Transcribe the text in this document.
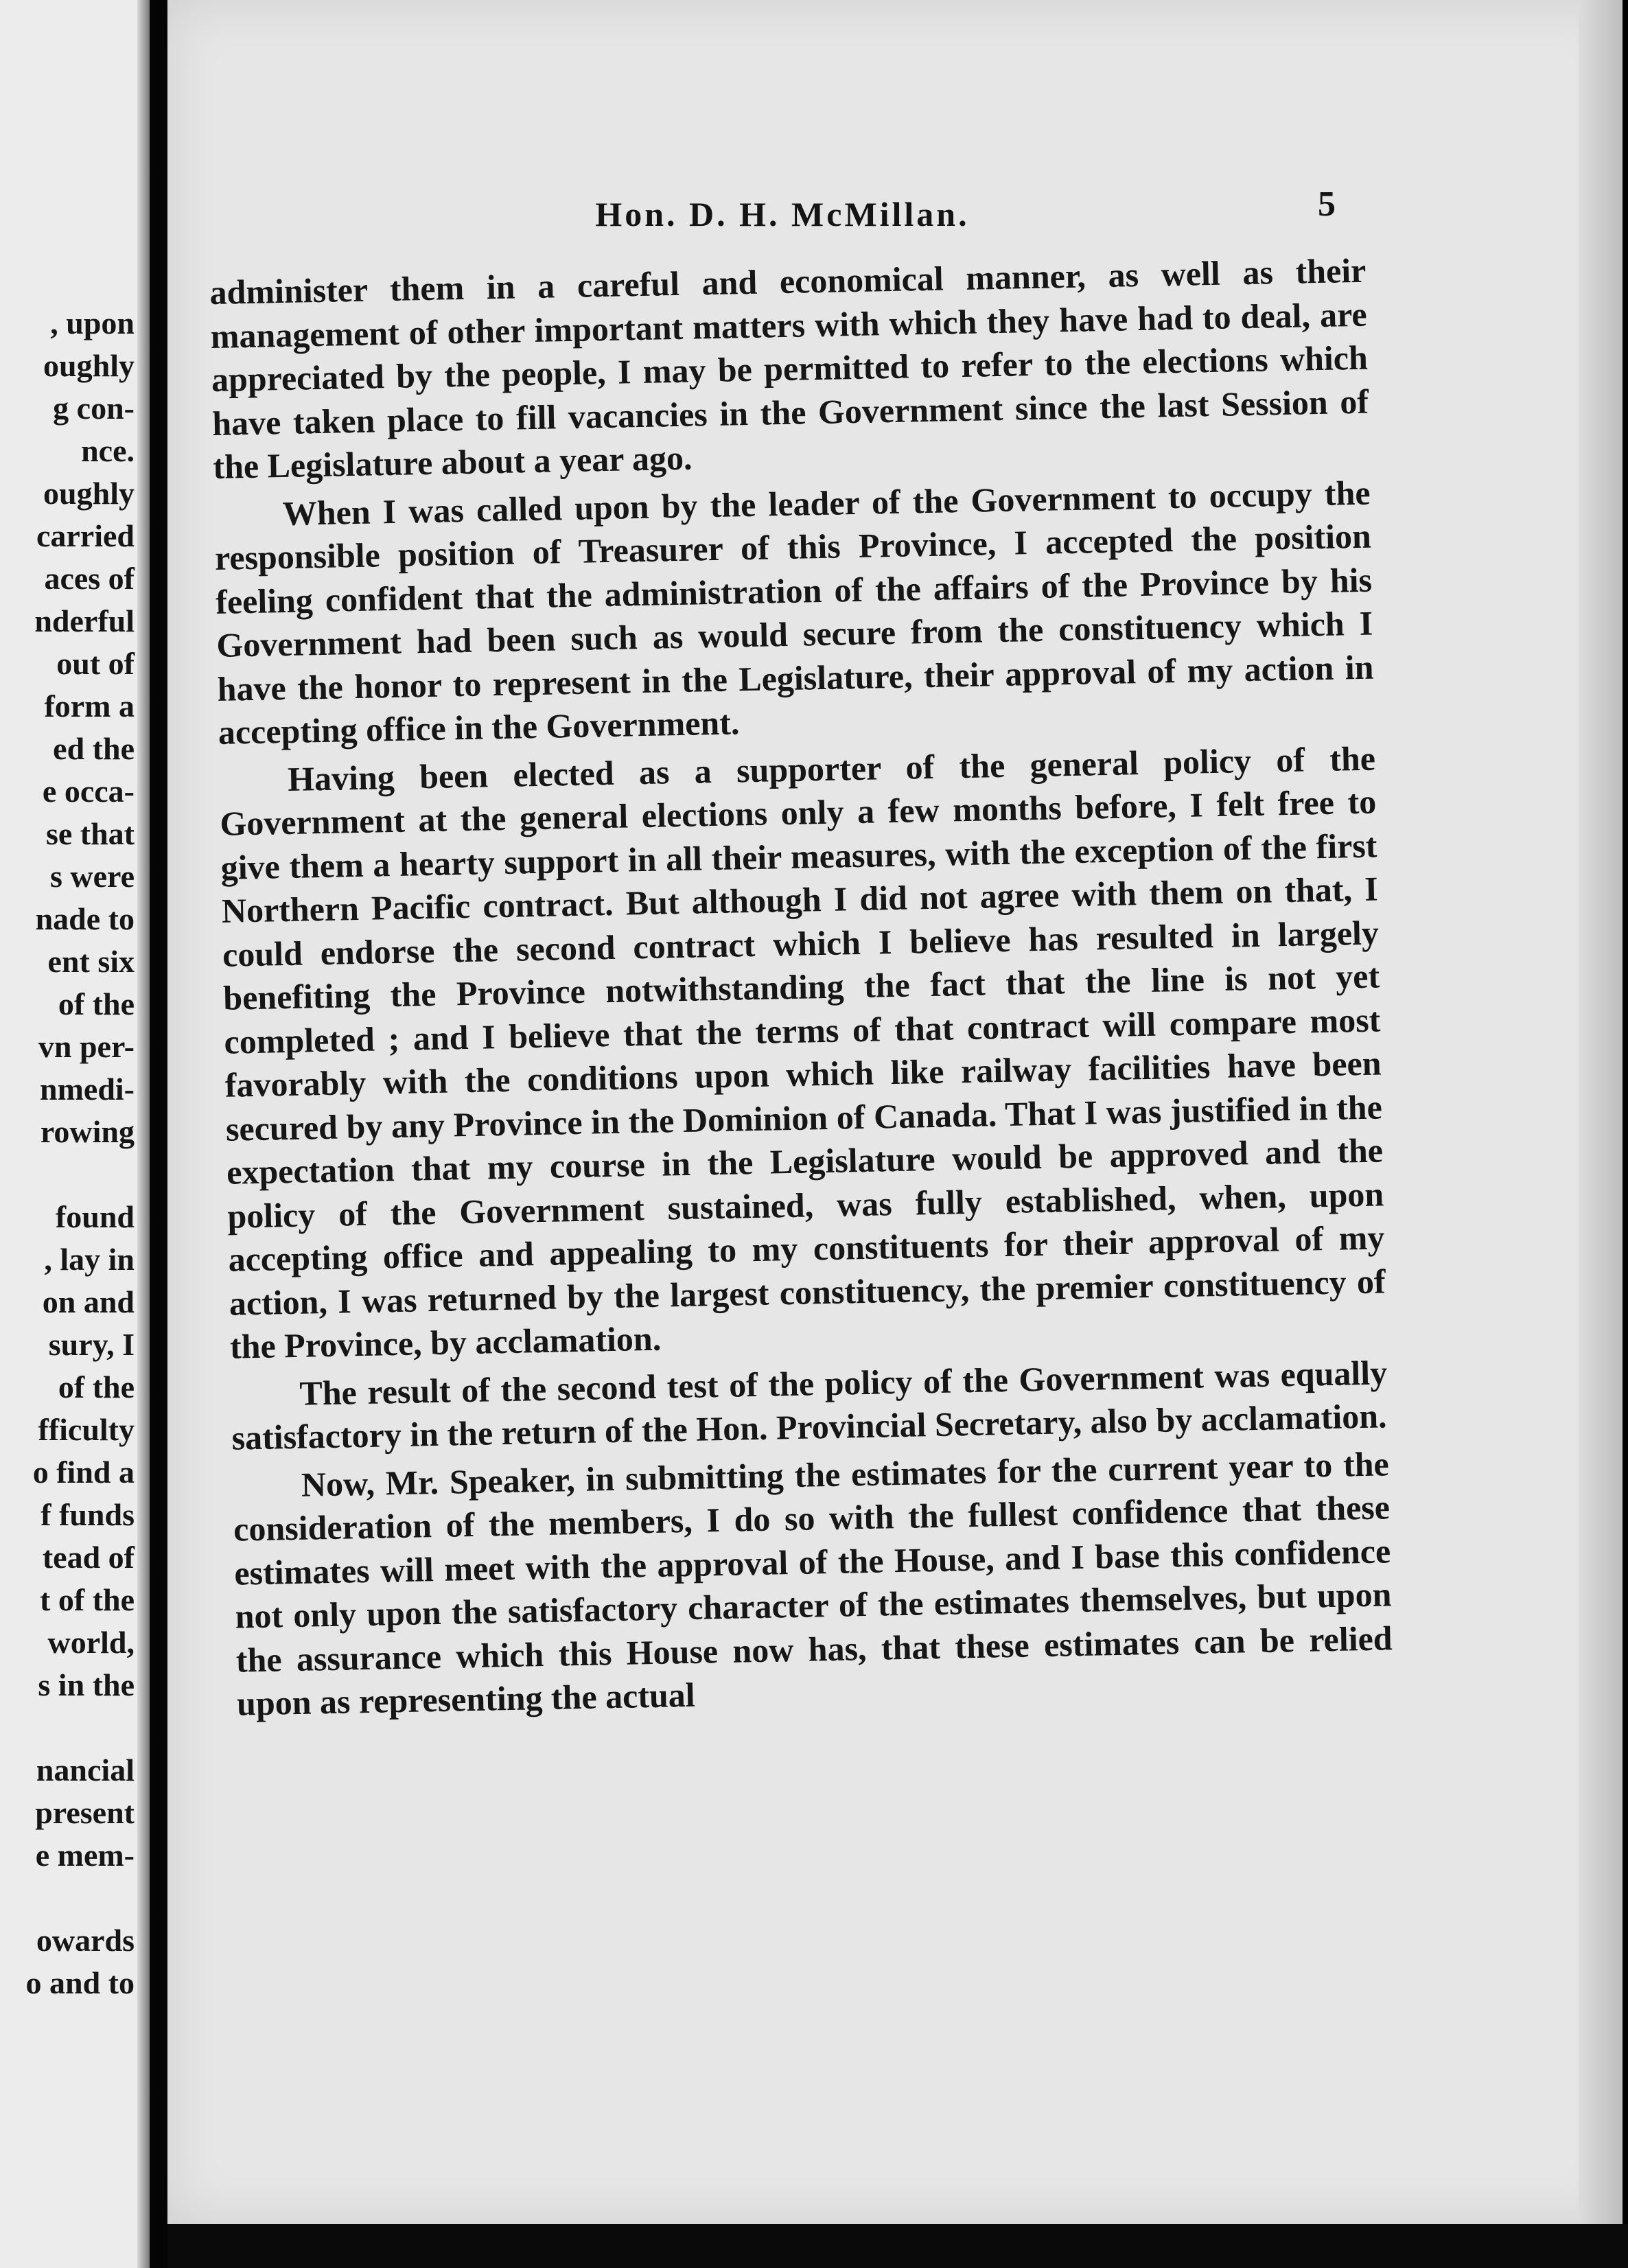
, upon
oughly
g con-
nce.
oughly
carried
aces of
nderful
out of
form a
ed the
e occa-
se that
s were
nade to
ent six
of the
vn per-
nmedi-
rowing

found
, lay in
on and
sury, I
of the
fficulty
o find a
f funds
tead of
t of the
world,
s in the

nancial
present
e mem-

owards
o and to
Hon. D. H. McMillan.	5

administer them in a careful and economical manner, as well as their management of other important matters with which they have had to deal, are appreciated by the people, I may be permitted to refer to the elections which have taken place to fill vacancies in the Government since the last Session of the Legislature about a year ago.

When I was called upon by the leader of the Government to occupy the responsible position of Treasurer of this Province, I accepted the position feeling confident that the administration of the affairs of the Province by his Government had been such as would secure from the constituency which I have the honor to represent in the Legislature, their approval of my action in accepting office in the Government.

Having been elected as a supporter of the general policy of the Government at the general elections only a few months before, I felt free to give them a hearty support in all their measures, with the exception of the first Northern Pacific contract. But although I did not agree with them on that, I could endorse the second contract which I believe has resulted in largely benefiting the Province notwithstanding the fact that the line is not yet completed ; and I believe that the terms of that contract will compare most favorably with the conditions upon which like railway facilities have been secured by any Province in the Dominion of Canada. That I was justified in the expectation that my course in the Legislature would be approved and the policy of the Government sustained, was fully established, when, upon accepting office and appealing to my constituents for their approval of my action, I was returned by the largest constituency, the premier constituency of the Province, by acclamation.

The result of the second test of the policy of the Government was equally satisfactory in the return of the Hon. Provincial Secretary, also by acclamation.

Now, Mr. Speaker, in submitting the estimates for the current year to the consideration of the members, I do so with the fullest confidence that these estimates will meet with the approval of the House, and I base this confidence not only upon the satisfactory character of the estimates themselves, but upon the assurance which this House now has, that these estimates can be relied upon as representing the actual
